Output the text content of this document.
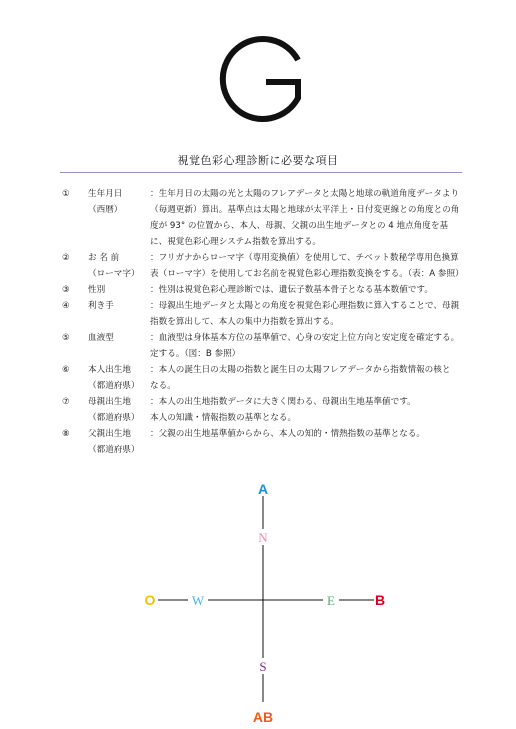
視覚色彩心理診断に必要な項目
①	生年月日	：生年月日の太陽の光と太陽のフレアデータと太陽と地球の軌道角度データより
（西暦）	（毎週更新）算出。基準点は太陽と地球が太平洋上・日付変更線との角度との角
度が 93° の位置から、本人、母親、父親の出生地データとの 4 地点角度を基
に、視覚色彩心理システム指数を算出する。
②	お 名 前	：フリガナからローマ字（専用変換値）を使用して、チベット数秘学専用色換算
（ローマ字）	表（ローマ字）を使用してお名前を視覚色彩心理指数変換をする。（表：A 参照）
③	性別	：性別は視覚色彩心理診断では、遺伝子数基本骨子となる基本数値です。
④	利き手	：母親出生地データと太陽との角度を視覚色彩心理指数に算入することで、母親
指数を算出して、本人の集中力指数を算出する。
⑤	血液型	：血液型は身体基本方位の基準値で、心身の安定上位方向と安定度を確定する。
定する。（図：B 参照）
⑥	本人出生地	：本人の誕生日の太陽の指数と誕生日の太陽フレアデータから指数情報の核と
（都道府県）	なる。
⑦	母親出生地	：本人の出生地指数データに大きく関わる、母親出生地基準値です。
（都道府県）	本人の知識・情報指数の基準となる。
⑧	父親出生地	：父親の出生地基準値からから、本人の知的・情熱指数の基準となる。
（都道府県）
A
AB
O	B
N
S
W	E
